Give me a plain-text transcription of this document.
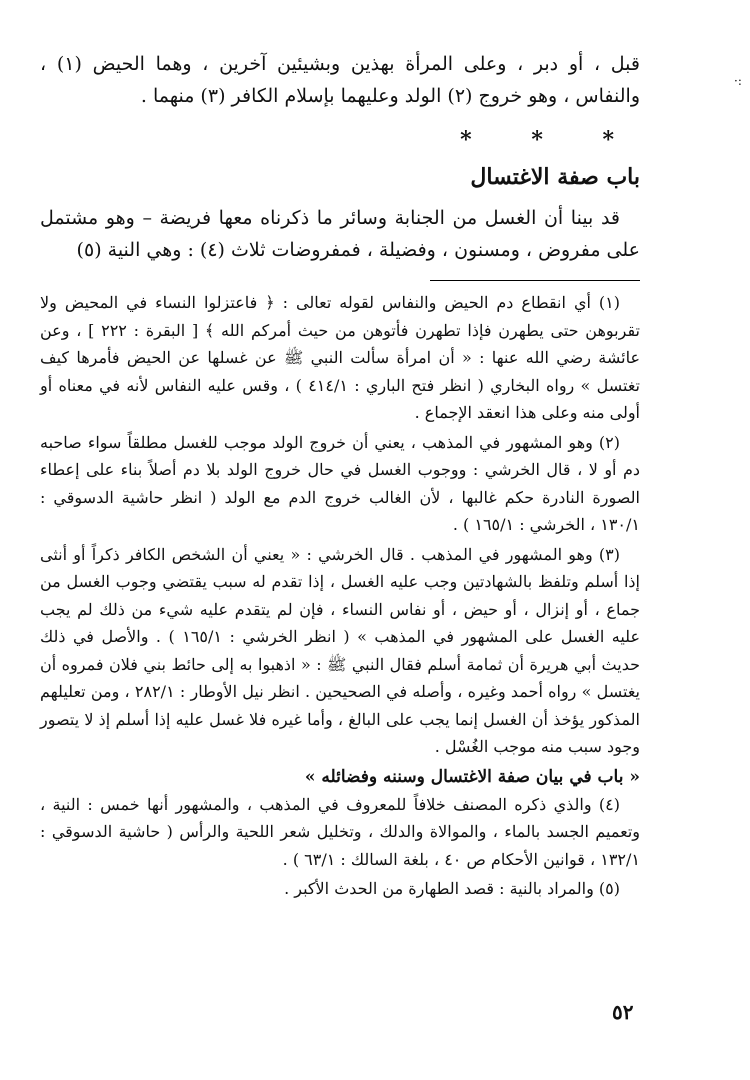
قبل ، أو دبر ، وعلى المرأة بهذين وبشيئين آخرين ، وهما الحيض (١) ، والنفاس ، وهو خروج (٢) الولد وعليهما بإسلام الكافر (٣) منهما .

* * *
باب صفة الاغتسال

قد بينا أن الغسل من الجنابة وسائر ما ذكرناه معها فريضة – وهو مشتمل على مفروض ، ومسنون ، وفضيلة ، فمفروضات ثلاث (٤) : وهي النية (٥)

(١) أي انقطاع دم الحيض والنفاس لقوله تعالى : ﴿ فاعتزلوا النساء في المحيض ولا تقربوهن حتى يطهرن فإذا تطهرن فأتوهن من حيث أمركم الله ﴾ [ البقرة : ٢٢٢ ] ، وعن عائشة رضي الله عنها : « أن امرأة سألت النبي ﷺ عن غسلها عن الحيض فأمرها كيف تغتسل » رواه البخاري ( انظر فتح الباري : ٤١٤/١ ) ، وقس عليه النفاس لأنه في معناه أو أولى منه وعلى هذا انعقد الإجماع .

(٢) وهو المشهور في المذهب ، يعني أن خروج الولد موجب للغسل مطلقاً سواء صاحبه دم أو لا ، قال الخرشي : ووجوب الغسل في حال خروج الولد بلا دم أصلاً بناء على إعطاء الصورة النادرة حكم غالبها ، لأن الغالب خروج الدم مع الولد ( انظر حاشية الدسوقي : ١٣٠/١ ، الخرشي : ١٦٥/١ ) .

(٣) وهو المشهور في المذهب . قال الخرشي : « يعني أن الشخص الكافر ذكراً أو أنثى إذا أسلم وتلفظ بالشهادتين وجب عليه الغسل ، إذا تقدم له سبب يقتضي وجوب الغسل من جماع ، أو إنزال ، أو حيض ، أو نفاس النساء ، فإن لم يتقدم عليه شيء من ذلك لم يجب عليه الغسل على المشهور في المذهب » ( انظر الخرشي : ١٦٥/١ ) . والأصل في ذلك حديث أبي هريرة أن ثمامة أسلم فقال النبي ﷺ : « اذهبوا به إلى حائط بني فلان فمروه أن يغتسل » رواه أحمد وغيره ، وأصله في الصحيحين . انظر نيل الأوطار : ٢٨٢/١ ، ومن تعليلهم المذكور يؤخذ أن الغسل إنما يجب على البالغ ، وأما غيره فلا غسل عليه إذا أسلم إذ لا يتصور وجود سبب منه موجب الغُسْل .

« باب في بيان صفة الاغتسال وسننه وفضائله »

(٤) والذي ذكره المصنف خلافاً للمعروف في المذهب ، والمشهور أنها خمس : النية ، وتعميم الجسد بالماء ، والموالاة والدلك ، وتخليل شعر اللحية والرأس ( حاشية الدسوقي : ١٣٢/١ ، قوانين الأحكام ص ٤٠ ، بلغة السالك : ٦٣/١ ) .

(٥) والمراد بالنية : قصد الطهارة من الحدث الأكبر .

٥٢
·:
